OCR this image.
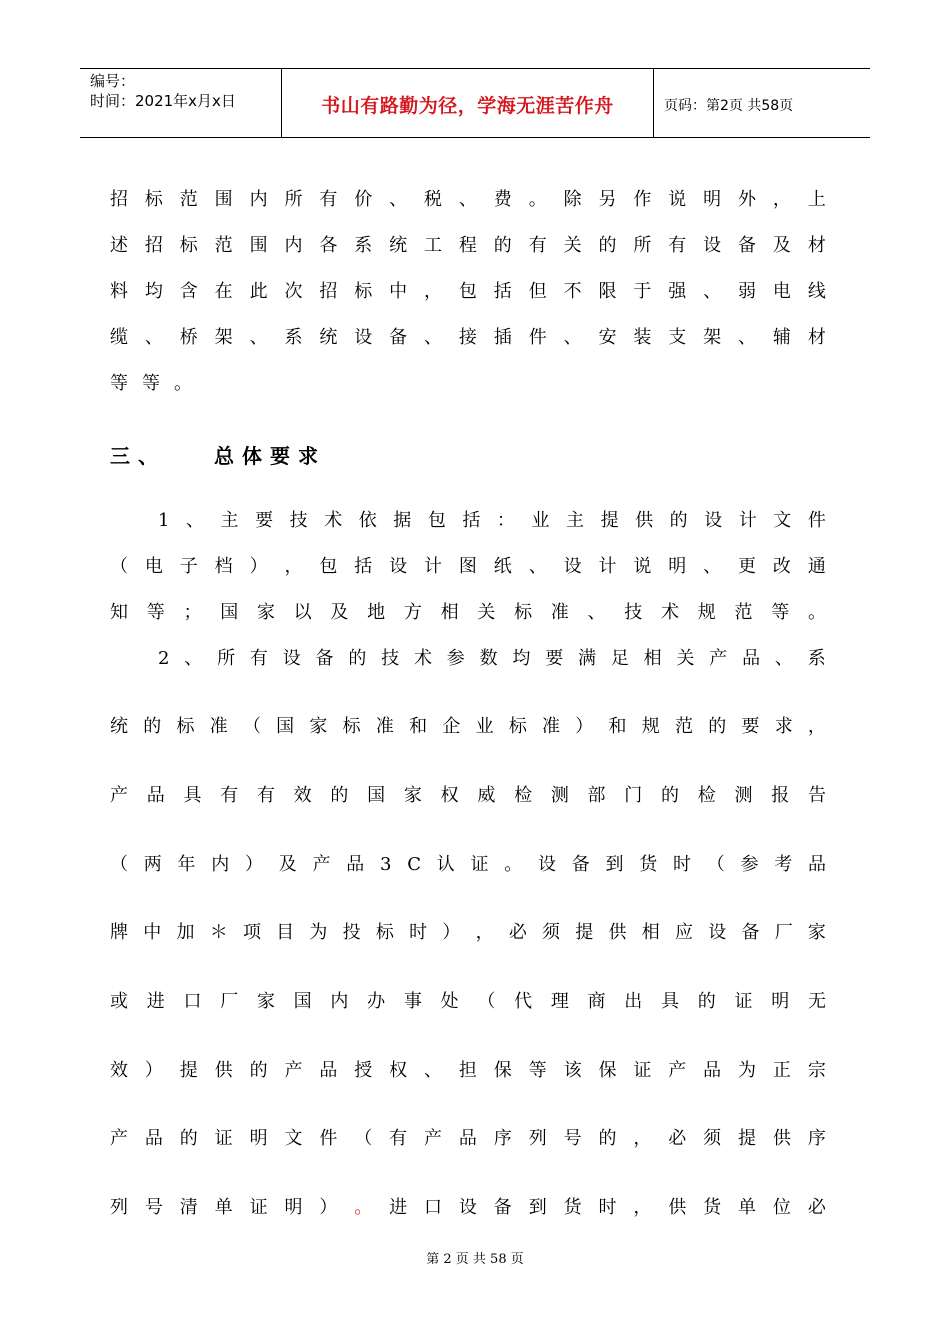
编号：
时间：2021年x月x日	书山有路勤为径，学海无涯苦作舟	页码：第2页 共58页
招 标 范 围 内 所 有 价 、 税 、 费 。 除 另 作 说 明 外 ， 上
述 招 标 范 围 内 各 系 统 工 程 的 有 关 的 所 有 设 备 及 材
料 均 含 在 此 次 招 标 中 ， 包 括 但 不 限 于 强 、 弱 电 线
缆 、 桥 架 、 系 统 设 备 、 接 插 件 、 安 装 支 架 、 辅 材
等 等 。
三、 总体要求
1 、 主 要 技 术 依 据 包 括 ： 业 主 提 供 的 设 计 文 件
（ 电 子 档 ） ， 包 括 设 计 图 纸 、 设 计 说 明 、 更 改 通
知 等 ； 国 家 以 及 地 方 相 关 标 准 、 技 术 规 范 等 。
2 、 所 有 设 备 的 技 术 参 数 均 要 满 足 相 关 产 品 、 系
统 的 标 准 （ 国 家 标 准 和 企 业 标 准 ） 和 规 范 的 要 求 ，
产 品 具 有 有 效 的 国 家 权 威 检 测 部 门 的 检 测 报 告
（ 两 年 内 ） 及 产 品 3 C 认 证 。 设 备 到 货 时 （ 参 考 品
牌 中 加 ＊ 项 目 为 投 标 时 ） ， 必 须 提 供 相 应 设 备 厂 家
或 进 口 厂 家 国 内 办 事 处 （ 代 理 商 出 具 的 证 明 无
效 ） 提 供 的 产 品 授 权 、 担 保 等 该 保 证 产 品 为 正 宗
产 品 的 证 明 文 件 （ 有 产 品 序 列 号 的 ， 必 须 提 供 序
列 号 清 单 证 明 ） 。 进 口 设 备 到 货 时 ， 供 货 单 位 必
第 2 页 共 58 页
